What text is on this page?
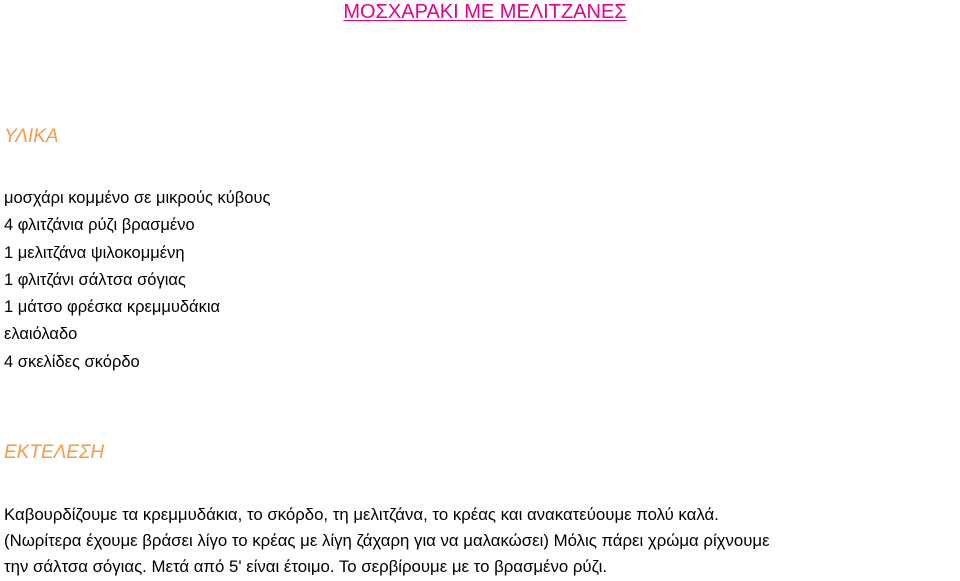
ΜΟΣΧΑΡΑΚΙ ΜΕ ΜΕΛΙΤΖΑΝΕΣ
ΥΛΙΚΑ
μοσχάρι κομμένο σε μικρούς κύβους
4 φλιτζάνια ρύζι βρασμένο
1 μελιτζάνα ψιλοκομμένη
1 φλιτζάνι σάλτσα σόγιας
1 μάτσο φρέσκα κρεμμυδάκια
ελαιόλαδο
4 σκελίδες σκόρδο
ΕΚΤΕΛΕΣΗ
Καβουρδίζουμε τα κρεμμυδάκια, το σκόρδο, τη μελιτζάνα, το κρέας και ανακατεύουμε πολύ καλά.
(Νωρίτερα έχουμε βράσει λίγο το κρέας με λίγη ζάχαρη για να μαλακώσει) Μόλις πάρει χρώμα ρίχνουμε
την σάλτσα σόγιας. Μετά από 5' είναι έτοιμο. Το σερβίρουμε με το βρασμένο ρύζι.
